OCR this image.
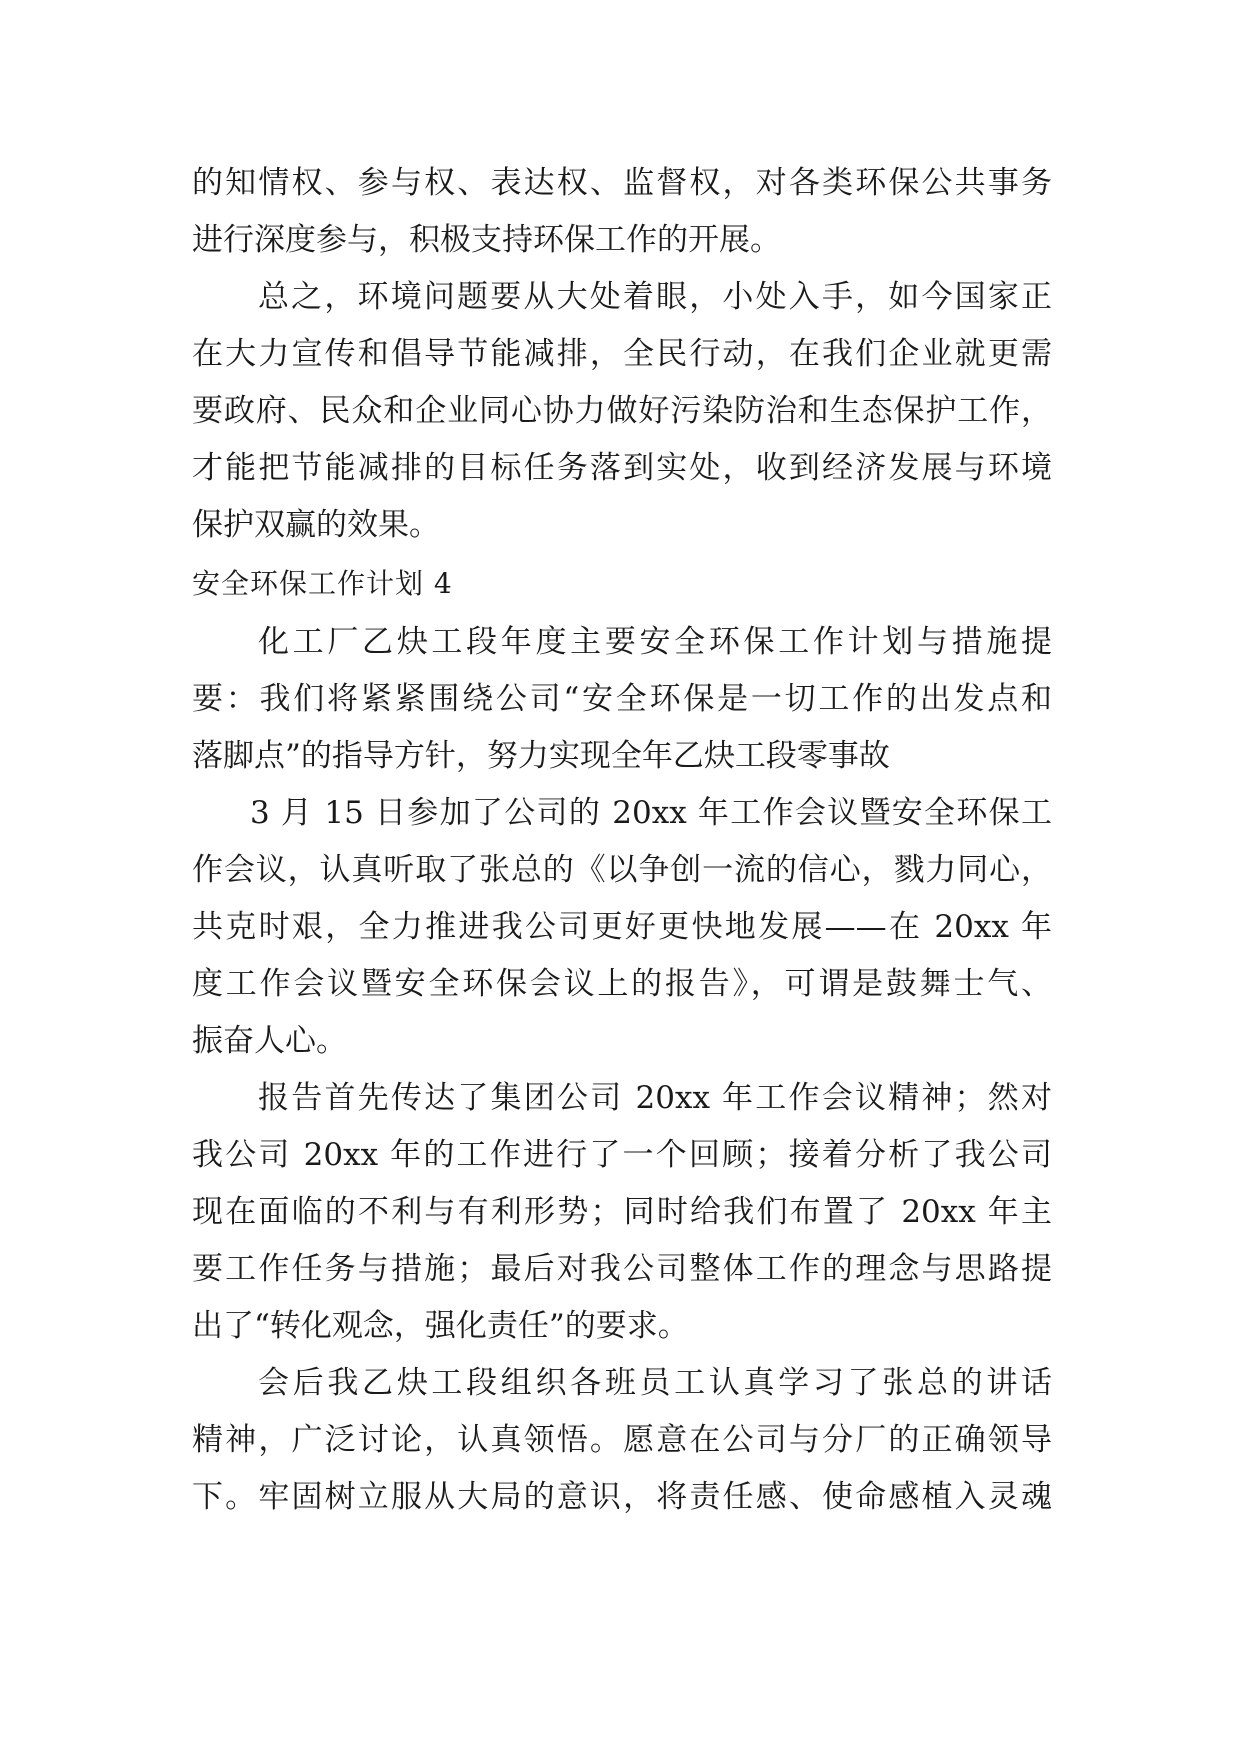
的知情权、参与权、表达权、监督权，对各类环保公共事务
进行深度参与，积极支持环保工作的开展。
总之，环境问题要从大处着眼，小处入手，如今国家正
在大力宣传和倡导节能减排，全民行动，在我们企业就更需
要政府、民众和企业同心协力做好污染防治和生态保护工作，
才能把节能减排的目标任务落到实处，收到经济发展与环境
保护双赢的效果。
安全环保工作计划 4
化工厂乙炔工段年度主要安全环保工作计划与措施提
要：我们将紧紧围绕公司“安全环保是一切工作的出发点和
落脚点”的指导方针，努力实现全年乙炔工段零事故
3 月 15 日参加了公司的 20xx 年工作会议暨安全环保工
作会议，认真听取了张总的《以争创一流的信心，戮力同心，
共克时艰，全力推进我公司更好更快地发展——在 20xx 年
度工作会议暨安全环保会议上的报告》，可谓是鼓舞士气、
振奋人心。
报告首先传达了集团公司 20xx 年工作会议精神；然对
我公司 20xx 年的工作进行了一个回顾；接着分析了我公司
现在面临的不利与有利形势；同时给我们布置了 20xx 年主
要工作任务与措施；最后对我公司整体工作的理念与思路提
出了“转化观念，强化责任”的要求。
会后我乙炔工段组织各班员工认真学习了张总的讲话
精神，广泛讨论，认真领悟。愿意在公司与分厂的正确领导
下。牢固树立服从大局的意识，将责任感、使命感植入灵魂
